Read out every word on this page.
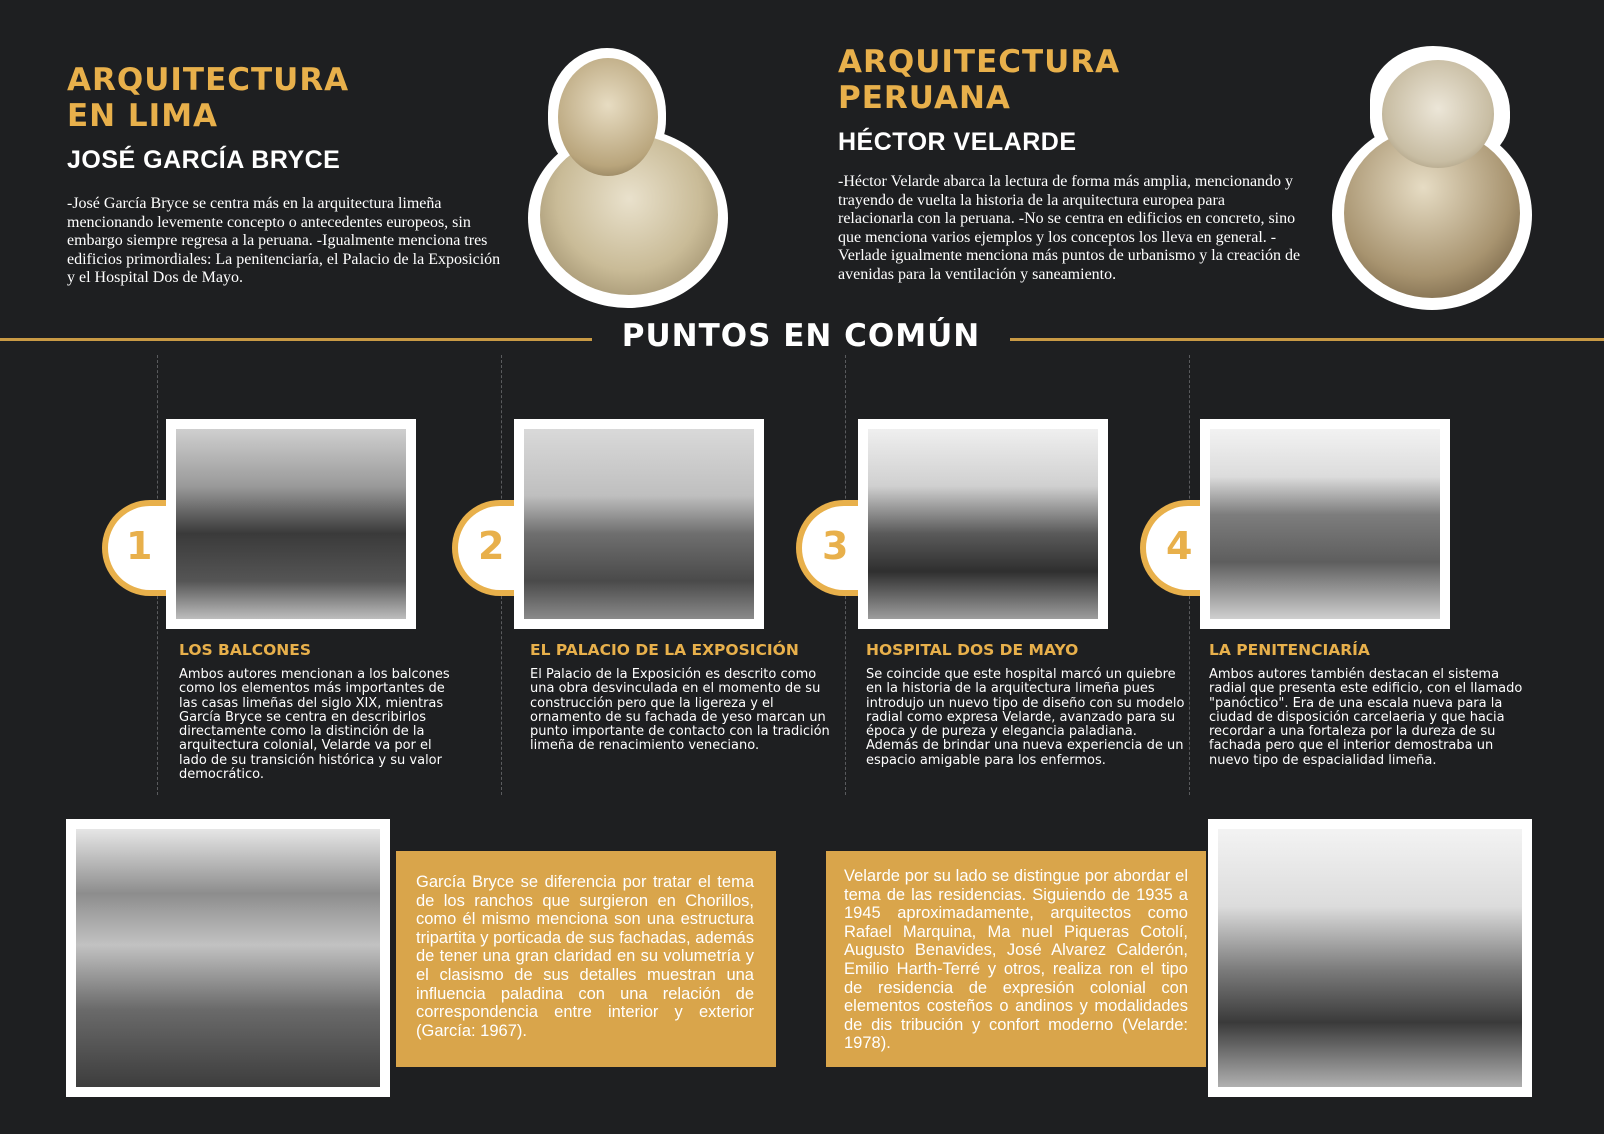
ARQUITECTURA
EN LIMA
JOSÉ GARCÍA BRYCE

-José García Bryce se centra más en la arquitectura limeña mencionando levemente concepto o antecedentes europeos, sin embargo siempre regresa a la peruana. -Igualmente menciona tres edificios primordiales: La penitenciaría, el Palacio de la Exposición y el Hospital Dos de Mayo.

ARQUITECTURA
PERUANA
HÉCTOR VELARDE

-Héctor Velarde abarca la lectura de forma más amplia, mencionando y trayendo de vuelta la historia de la arquitectura europea para relacionarla con la peruana. -No se centra en edificios en concreto, sino que menciona varios ejemplos y los conceptos los lleva en general. -Verlade igualmente menciona más puntos de urbanismo y la creación de avenidas para la ventilación y saneamiento.

PUNTOS EN COMÚN
1
LOS BALCONES

Ambos autores mencionan a los balcones como los elementos más importantes de las casas limeñas del siglo XIX, mientras García Bryce se centra en describirlos directamente como la distinción de la arquitectura colonial, Velarde va por el lado de su transición histórica y su valor democrático.

2
EL PALACIO DE LA EXPOSICIÓN

El Palacio de la Exposición es descrito como una obra desvinculada en el momento de su construcción pero que la ligereza y el ornamento de su fachada de yeso marcan un punto importante de contacto con la tradición limeña de renacimiento veneciano.

3
HOSPITAL DOS DE MAYO

Se coincide que este hospital marcó un quiebre en la historia de la arquitectura limeña pues introdujo un nuevo tipo de diseño con su modelo radial como expresa Velarde, avanzado para su época y de pureza y elegancia paladiana. Además de brindar una nueva experiencia de un espacio amigable para los enfermos.

4
LA PENITENCIARÍA

Ambos autores también destacan el sistema radial que presenta este edificio, con el llamado "panóctico". Era de una escala nueva para la ciudad de disposición carcelaeria y que hacia recordar a una fortaleza por la dureza de su fachada pero que el interior demostraba un nuevo tipo de espacialidad limeña.

García Bryce se diferencia por tratar el tema de los ranchos que surgieron en Chorillos, como él mismo menciona son una estructura tripartita y porticada de sus fachadas, además de tener una gran claridad en su volumetría y el clasismo de sus detalles muestran una influencia paladina con una relación de correspondencia entre interior y exterior (García: 1967).

Velarde por su lado se distingue por abordar el tema de las residencias. Siguiendo de 1935 a 1945 aproximadamente, arquitectos como Rafael Marquina, Ma nuel Piqueras Cotolí, Augusto Benavides, José Alvarez Calderón, Emilio Harth-Terré y otros, realiza ron el tipo de residencia de expresión colonial con elementos costeños o andinos y modalidades de dis tribución y confort moderno (Velarde: 1978).
